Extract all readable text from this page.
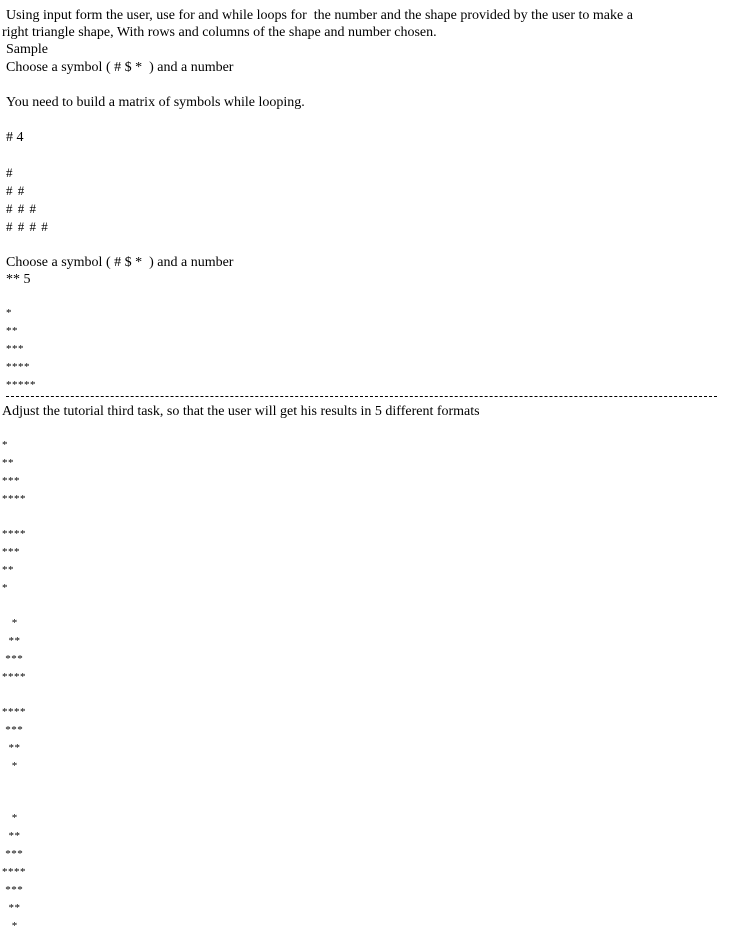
Using input form the user, use for and while loops for  the number and the shape provided by the user to make a
right triangle shape, With rows and columns of the shape and number chosen.
Sample
Choose a symbol ( # $ *  ) and a number
You need to build a matrix of symbols while looping.
# 4
#
# #
# # #
# # # #
Choose a symbol ( # $ *  ) and a number
** 5
*
**
***
****
*****
Adjust the tutorial third task, so that the user will get his results in 5 different formats
*
**
***
****
****
***
**
*
*
**
***
****
****
***
**
*
*
**
***
****
***
**
*
